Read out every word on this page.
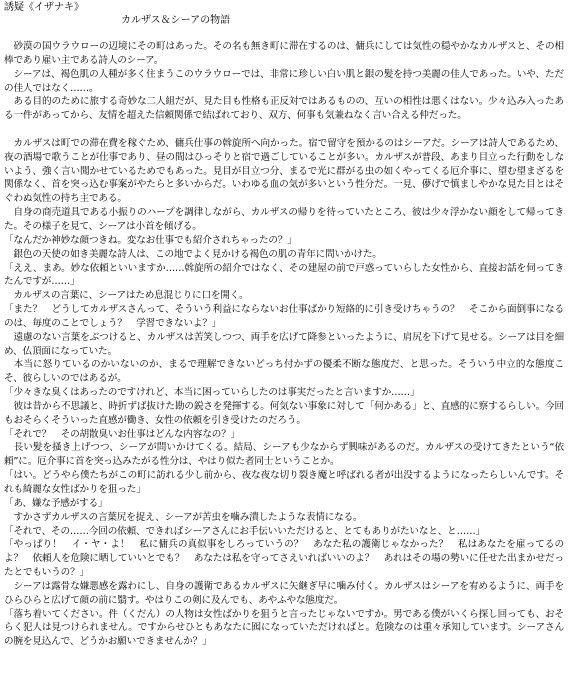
誘疑《イザナキ》
カルザス＆シーアの物語

　砂漠の国ウラウローの辺境にその町はあった。その名も無き町に滞在するのは、傭兵にしては気性の穏やかなカルザスと、その相棒であり雇い主である詩人のシーア。

　シーアは、褐色肌の人種が多く住まうこのウラウローでは、非常に珍しい白い肌と銀の髪を持つ美麗の佳人であった。いや、ただの佳人ではなく……。

　ある目的のために旅する奇妙な二人組だが、見た目も性格も正反対ではあるものの、互いの相性は悪くはない。少々込み入ったある一件があってから、友情を超えた信頼関係で結ばれており、双方、何事も気兼ねなく言い合える仲だった。

　カルザスは町での滞在費を稼ぐため、傭兵仕事の斡旋所へ向かった。宿で留守を預かるのはシーアだ。シーアは詩人であるため、夜の酒場で歌うことが仕事であり、昼の間はひっそりと宿で過ごしていることが多い。カルザスが普段、あまり目立った行動をしないよう、強く言い聞かせているためでもあった。見目が目立つ分、まるで光に群がる虫の如くやってくる厄介事に、望む望まざるを関係なく、首を突っ込む事案がやたらと多いからだ。いわゆる血の気が多いという性分だ。一見、儚げで慎ましやかな見た目とはそぐわぬ気性の持ち主である。

　自身の商売道具である小振りのハープを調律しながら、カルザスの帰りを待っていたところ、彼は少々浮かない顔をして帰ってきた。その様子を見て、シーアは小首を傾げる。

「なんだか神妙な顔つきね。変なお仕事でも紹介されちゃったの？」

　銀色の天使の如き美麗な詩人は、この地でよく見かける褐色の肌の青年に問いかけた。

「ええ、まあ。妙な依頼といいますか……斡旋所の紹介ではなく、その建屋の前で戸惑っていらした女性から、直接お話を伺ってきたんですが……」

　カルザスの言葉に、シーアはため息混じりに口を開く。

「また？　どうしてカルザスさんって、そういう利益にならないお仕事ばかり短絡的に引き受けちゃうの？　そこから面倒事になるのは、毎度のことでしょう？　学習できないよ？」

　遠慮のない言葉をぶつけると、カルザスは苦笑しつつ、両手を広げて降参といったように、肩尻を下げて見せる。シーアは目を細め、仏頂面になっていた。

　本当に怒りているのかいないのか、まるで理解できないどっち付かずの優柔不断な態度だ、と思った。そういう中立的な態度こそ、彼らしいのではあるが。

「少々きな臭くはあったのですけれど、本当に困っていらしたのは事実だったと言いますか……」

　彼は昔から不思議と、時折ずば抜けた勘の鋭さを発揮する。何気ない事象に対して「何かある」と、直感的に察するらしい。今回もおそらくそういった直感が働き、女性の依頼を引き受けたのだろう。

「それで？　その胡散臭いお仕事はどんな内容なの？」

　長い髪を掻き上げつつ、シーアが問いかけてくる。結局、シーアも少なからず興味があるのだ。カルザスの受けてきたという“依頼”に。厄介事に首を突っ込みたがる性分は、やはり似た者同士ということか。

「はい。どうやら僕たちがこの町に訪れる少し前から、夜な夜な切り裂き魔と呼ばれる者が出没するようになったらしいんです。それも綺麗な女性ばかりを狙った」

「あ、嫌な予感がする」

　すかさずカルザスの言葉尻を捉え、シーアが苦虫を噛み潰したような表情になる。

「それで、その……今回の依頼、できればシーアさんにお手伝いいただけると、とてもありがたいなと、と……」

「やっぱり！　イ・ヤ・よ！　私に傭兵の真似事をしろっていうの？　あなた私の護衛じゃなかった？　私はあなたを雇ってるのよ？　依頼人を危険に晒していいとでも？　あなたは私を守ってさえいればいいのよ？　あれはその場の勢いに任せた出まかせだったとでもいうの？」

　シーアは露骨な嫌悪感を露わにし、自身の護衛であるカルザスに矢継ぎ早に噛み付く。カルザスはシーアを宥めるように、両手をひらひらと広げて顔の前に翳す。やはりこの剣に及んでも、あやふやな態度だ。

「落ち着いてください。件（くだん）の人物は女性ばかりを狙うと言ったじゃないですか。男である僕がいくら探し回っても、おそらく犯人は見つけられません。ですからせひともあなたに囮になっていただければと。危険なのは重々承知しています。シーアさんの腕を見込んで、どうかお願いできませんか？」
